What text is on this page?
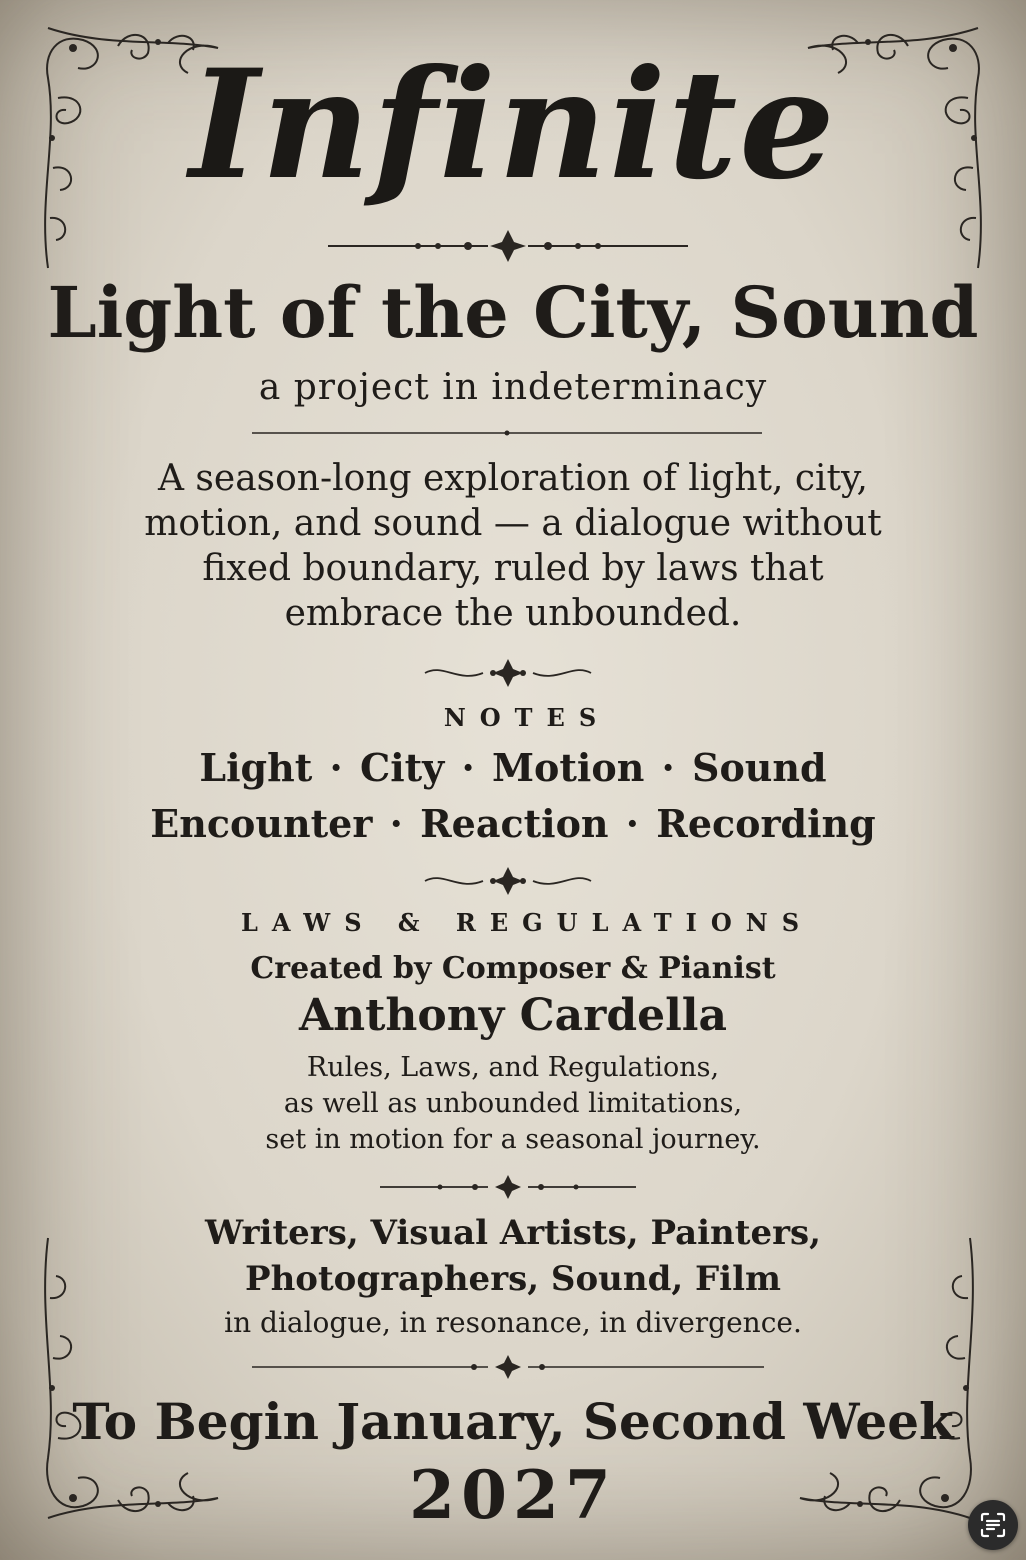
Infinite
Light of the City, Sound
a project in indeterminacy
A season-long exploration of light, city,
motion, and sound — a dialogue without
fixed boundary, ruled by laws that
embrace the unbounded.
NOTES
Light · City · Motion · Sound
Encounter · Reaction · Recording
LAWS & REGULATIONS
Created by Composer & Pianist
Anthony Cardella
Rules, Laws, and Regulations,
as well as unbounded limitations,
set in motion for a seasonal journey.
Writers, Visual Artists, Painters,
Photographers, Sound, Film
in dialogue, in resonance, in divergence.
To Begin January, Second Week
2027
